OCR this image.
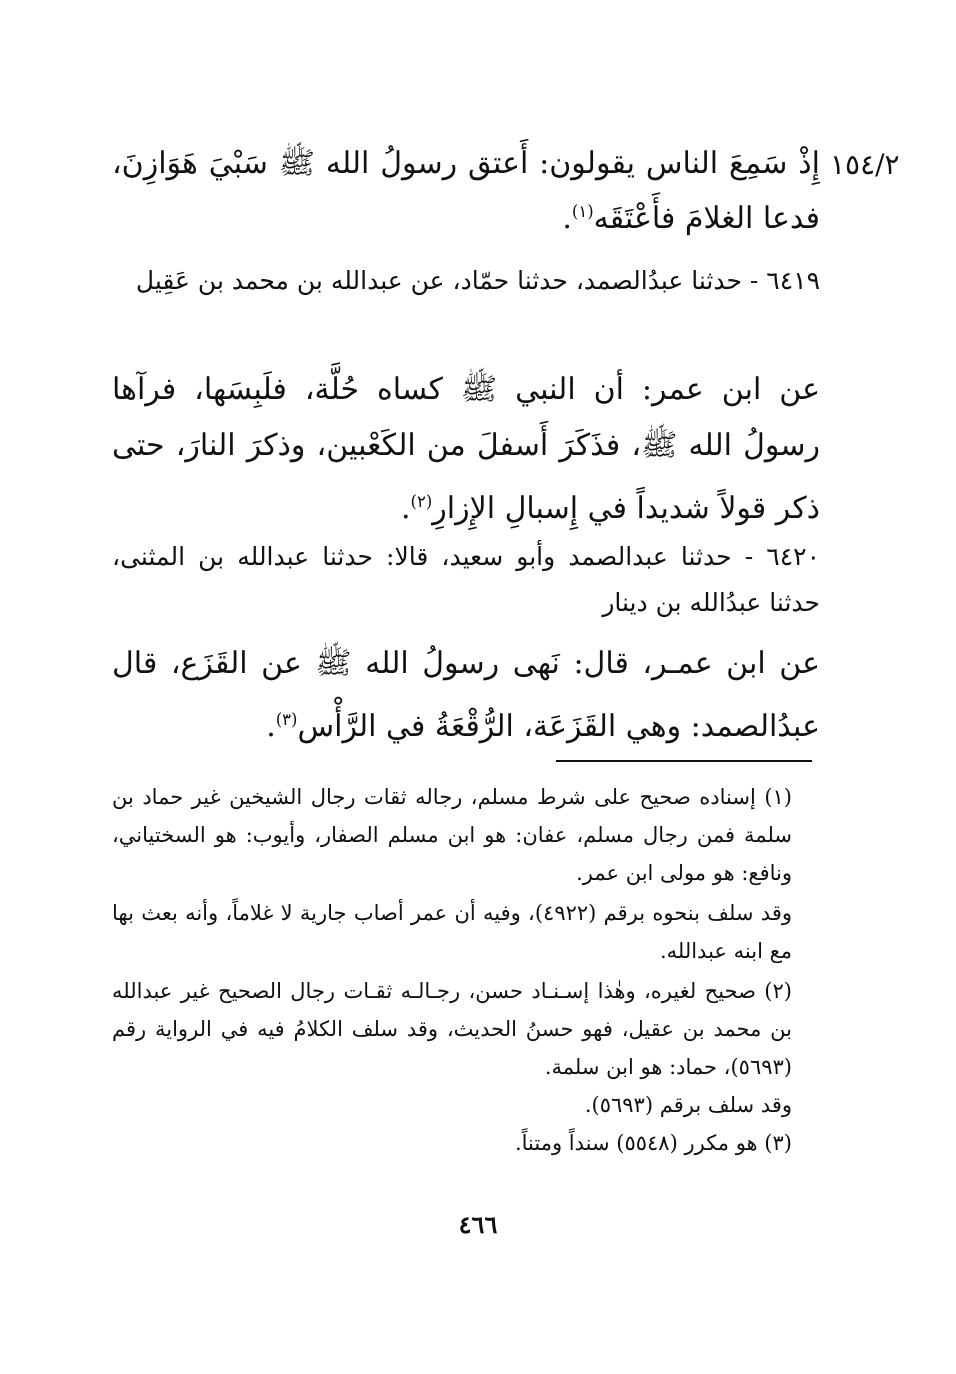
١٥٤/٢
إِذْ سَمِعَ الناس يقولون: أَعتق رسولُ الله ﷺ سَبْيَ هَوَازِنَ، فدعا الغلامَ فأَعْتَقَه$^{(١)}$.
٦٤١٩ - حدثنا عبدُالصمد، حدثنا حمّاد، عن عبدالله بن محمد بن عَقِيل
عن ابن عمر: أن النبي ﷺ كساه حُلَّة، فلَبِسَها، فرآها رسولُ الله ﷺ، فذَكَرَ أَسفلَ من الكَعْبين، وذكرَ النارَ، حتى ذكر قولاً شديداً في إِسبالِ الإِزارِ$^{(٢)}$.
٦٤٢٠ - حدثنا عبدالصمد وأبو سعيد، قالا: حدثنا عبدالله بن المثنى، حدثنا عبدُالله بن دينار
عن ابن عمـر، قال: نَهى رسولُ الله ﷺ عن القَزَع، قال عبدُالصمد: وهي القَزَعَة، الرُّقْعَةُ في الرَّأْس$^{(٣)}$.
(١) إسناده صحيح على شرط مسلم، رجاله ثقات رجال الشيخين غير حماد بن سلمة فمن رجال مسلم، عفان: هو ابن مسلم الصفار، وأيوب: هو السختياني، ونافع: هو مولى ابن عمر.
وقد سلف بنحوه برقم (٤٩٢٢)، وفيه أن عمر أصاب جارية لا غلاماً، وأنه بعث بها مع ابنه عبدالله.
(٢) صحيح لغيره، وهٰذا إسـنـاد حسن، رجـالـه ثقـات رجال الصحيح غير عبدالله بن محمد بن عقيل، فهو حسنُ الحديث، وقد سلف الكلامُ فيه في الرواية رقم (٥٦٩٣)، حماد: هو ابن سلمة.
وقد سلف برقم (٥٦٩٣).
(٣) هو مكرر (٥٥٤٨) سنداً ومتناً.
٤٦٦
